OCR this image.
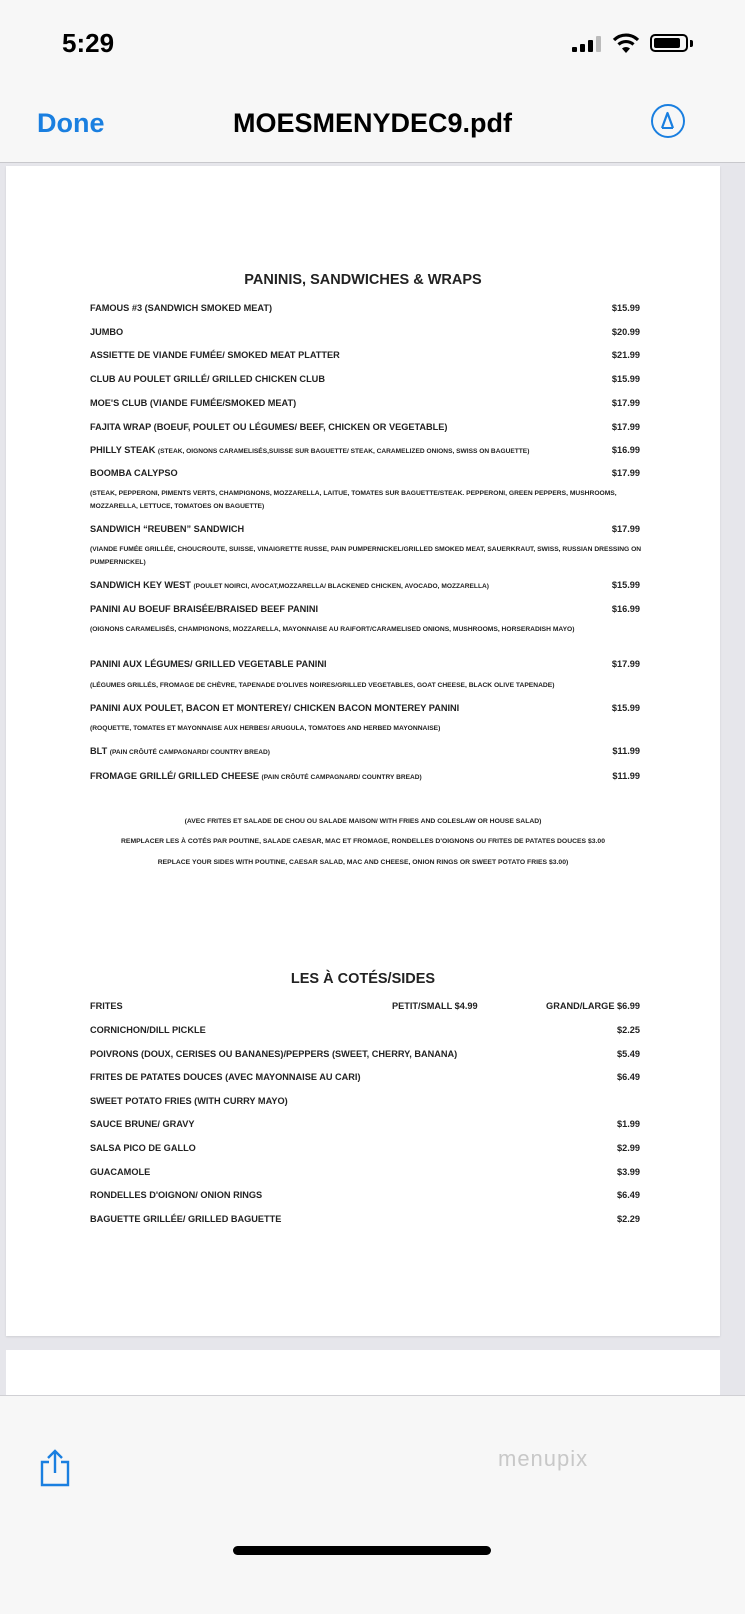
5:29
Done	MOESMENYDEC9.pdf
PANINIS, SANDWICHES & WRAPS
LES À COTÉS/SIDES
FAMOUS #3 (SANDWICH SMOKED MEAT)	$15.99
JUMBO	$20.99
ASSIETTE DE VIANDE FUMÉE/ SMOKED MEAT PLATTER	$21.99
CLUB AU POULET GRILLÉ/ GRILLED CHICKEN CLUB	$15.99
MOE'S CLUB (VIANDE FUMÉE/SMOKED MEAT)	$17.99
FAJITA WRAP (BOEUF, POULET OU LÉGUMES/ BEEF, CHICKEN OR VEGETABLE)	$17.99
PHILLY STEAK (STEAK, OIGNONS CARAMELISÉS,SUISSE SUR BAGUETTE/ STEAK, CARAMELIZED ONIONS, SWISS ON BAGUETTE)	$16.99
BOOMBA CALYPSO	$17.99
(STEAK, PEPPERONI, PIMENTS VERTS, CHAMPIGNONS, MOZZARELLA, LAITUE, TOMATES SUR BAGUETTE/STEAK. PEPPERONI, GREEN PEPPERS, MUSHROOMS, MOZZARELLA, LETTUCE, TOMATOES ON BAGUETTE)
SANDWICH “REUBEN” SANDWICH	$17.99
(VIANDE FUMÉE GRILLÉE, CHOUCROUTE, SUISSE, VINAIGRETTE RUSSE, PAIN PUMPERNICKEL/GRILLED SMOKED MEAT, SAUERKRAUT, SWISS, RUSSIAN DRESSING ON PUMPERNICKEL)
SANDWICH KEY WEST (POULET NOIRCI, AVOCAT,MOZZARELLA/ BLACKENED CHICKEN, AVOCADO, MOZZARELLA)	$15.99
PANINI AU BOEUF BRAISÉE/BRAISED BEEF PANINI	$16.99
(OIGNONS CARAMELISÉS, CHAMPIGNONS, MOZZARELLA, MAYONNAISE AU RAIFORT/CARAMELISED ONIONS, MUSHROOMS, HORSERADISH MAYO)
PANINI AUX LÉGUMES/ GRILLED VEGETABLE PANINI	$17.99
(LÉGUMES GRILLÉS, FROMAGE DE CHÈVRE, TAPENADE D'OLIVES NOIRES/GRILLED VEGETABLES, GOAT CHEESE, BLACK OLIVE TAPENADE)
PANINI AUX POULET, BACON ET MONTEREY/ CHICKEN BACON MONTEREY PANINI	$15.99
(ROQUETTE, TOMATES ET MAYONNAISE AUX HERBES/ ARUGULA, TOMATOES AND HERBED MAYONNAISE)
BLT (PAIN CRÔUTÉ CAMPAGNARD/ COUNTRY BREAD)	$11.99
FROMAGE GRILLÉ/ GRILLED CHEESE (PAIN CRÔUTÉ CAMPAGNARD/ COUNTRY BREAD)	$11.99
(AVEC FRITES ET SALADE DE CHOU OU SALADE MAISON/ WITH FRIES AND COLESLAW OR HOUSE SALAD)
REMPLACER LES À COTÉS PAR POUTINE, SALADE CAESAR, MAC ET FROMAGE, RONDELLES D'OIGNONS OU FRITES DE PATATES DOUCES $3.00
REPLACE YOUR SIDES WITH POUTINE, CAESAR SALAD, MAC AND CHEESE, ONION RINGS OR SWEET POTATO FRIES $3.00)
FRITES	PETIT/SMALL $4.99	GRAND/LARGE $6.99
CORNICHON/DILL PICKLE	$2.25
POIVRONS (DOUX, CERISES OU BANANES)/PEPPERS (SWEET, CHERRY, BANANA)	$5.49
FRITES DE PATATES DOUCES (AVEC MAYONNAISE AU CARI)	$6.49
SWEET POTATO FRIES (WITH CURRY MAYO)
SAUCE BRUNE/ GRAVY	$1.99
SALSA PICO DE GALLO	$2.99
GUACAMOLE	$3.99
RONDELLES D'OIGNON/ ONION RINGS	$6.49
BAGUETTE GRILLÉE/ GRILLED BAGUETTE	$2.29
menupix
